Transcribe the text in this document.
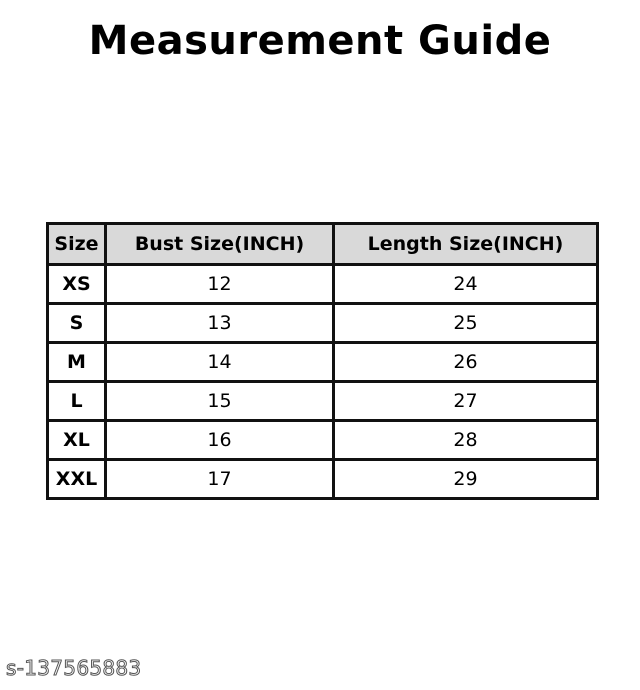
Measurement Guide
Size	Bust Size(INCH)	Length Size(INCH)
XS	12	24
S	13	25
M	14	26
L	15	27
XL	16	28
XXL	17	29
s-137565883
